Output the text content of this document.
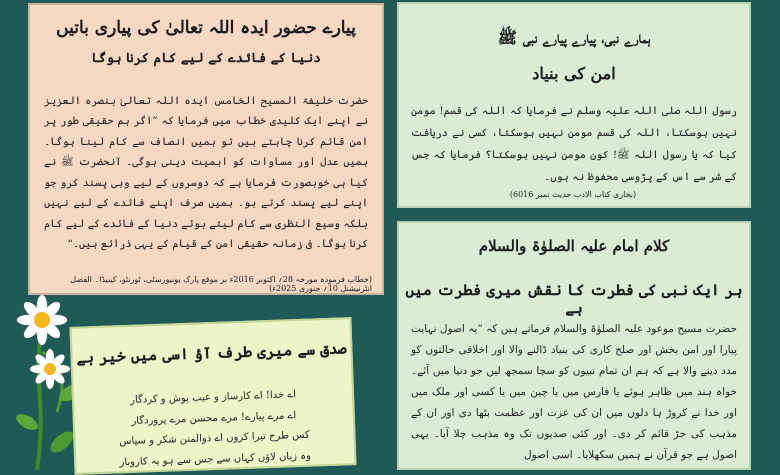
پیارے حضور ایدہ اللہ تعالیٰ کی پیاری باتیں
دنیا کے فائدے کے لیے کام کرنا ہوگا
حضرت خلیفۃ المسیح الخامس ایدہ اللہ تعالیٰ بنصرہ العزیز نے اپنے ایک کلیدی خطاب میں فرمایا کہ ”اگر ہم حقیقی طور پر امن قائم کرنا چاہتے ہیں تو ہمیں انصاف سے کام لینا ہوگا۔ ہمیں عدل اور مساوات کو اہمیت دینی ہوگی۔ آنحضرت ﷺ نے کیا ہی خوبصورت فرمایا ہے کہ دوسروں کے لیے وہی پسند کرو جو اپنے لیے پسند کرتے ہو۔ ہمیں صرف اپنے فائدے کے لیے نہیں بلکہ وسیع النظری سے کام لیتے ہوئے دنیا کے فائدے کے لیے کام کرنا ہوگا۔ فی زمانہ حقیقی امن کے قیام کے یہی ذرائع ہیں۔“
(خطاب فرمودہ مورخہ 28؍ اکتوبر 2016ء بر موقع پارک یونیورسٹی، ٹورنٹو، کینیڈا۔ الفضل انٹرنیشنل 10؍ جنوری 2025ء)
ہمارے نبی، پیارے پیارے نبی ﷺ
امن کی بنیاد
رسول اللہ صلی اللہ علیہ وسلم نے فرمایا کہ اللہ کی قسم! مومن نہیں ہوسکتا، اللہ کی قسم مومن نہیں ہوسکتا، کسی نے دریافت کیا کہ یا رسول اللہ ﷺ! کون مومن نہیں ہوسکتا؟ فرمایا کہ جس کے شر سے اس کے پڑوسی محفوظ نہ ہوں۔
(بخاری کتاب الادب حدیث نمبر 6016)
کلام امام علیہ الصلوٰۃ والسلام
ہر ایک نبی کی فطرت کا نقش میری فطرت میں ہے
حضرت مسیح موعود علیہ الصلوٰۃ والسلام فرماتے ہیں کہ ”یہ اصول نہایت پیارا اور امن بخش اور صلح کاری کی بنیاد ڈالنے والا اور اخلاقی حالتوں کو مدد دینے والا ہے کہ ہم ان تمام نبیوں کو سچا سمجھ لیں جو دنیا میں آئے۔ خواہ ہند میں ظاہر ہوئے یا فارس میں یا چین میں یا کسی اور ملک میں اور خدا نے کروڑ ہا دلوں میں ان کی عزت اور عظمت بٹھا دی اور ان کے مذہب کی جڑ قائم کر دی۔ اور کئی صدیوں تک وہ مذہب چلا آیا۔ یہی اصول ہے جو قرآن نے ہمیں سکھلایا۔ اسی اصول
صدق سے میری طرف آؤ اسی میں خیر ہے
اے خدا! اے کارساز و عیب پوش و کردگار
اے مرے پیارے! مرے محسن مرے پروردگار
کس طرح تیرا کروں اے ذوالمنن شکر و سپاس
وہ زباں لاؤں کہاں سے جس سے ہو یہ کاروبار
